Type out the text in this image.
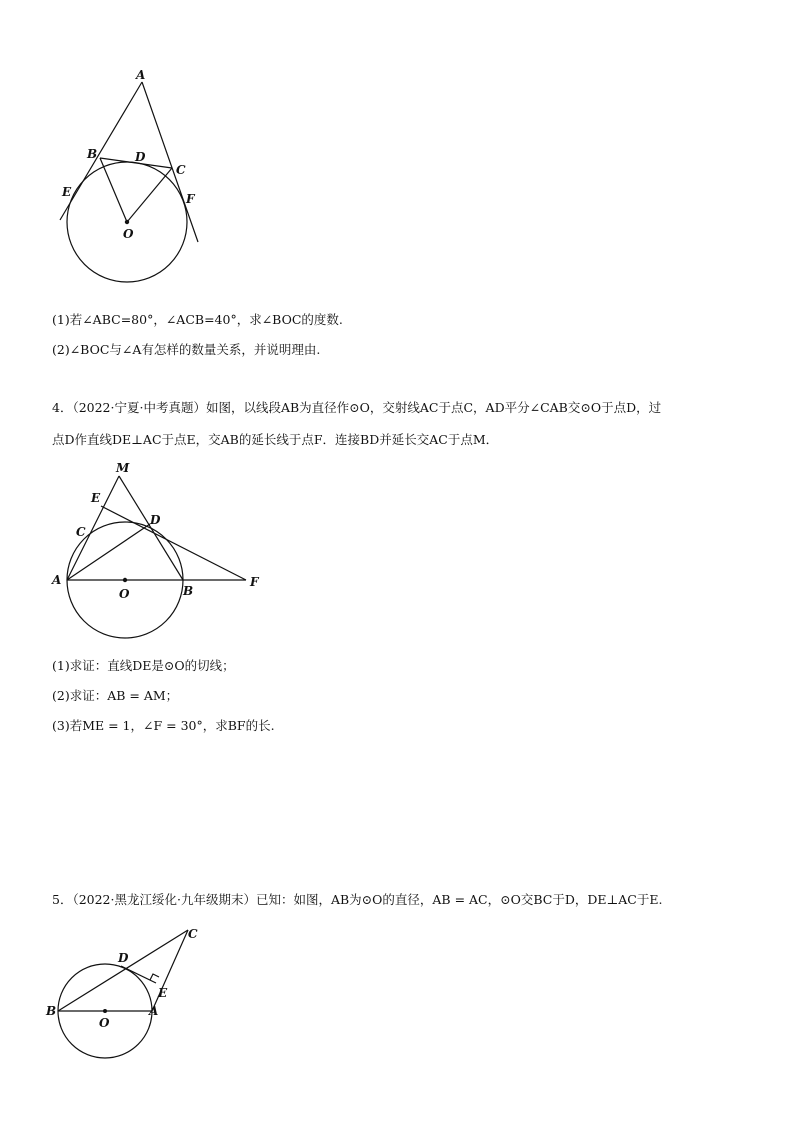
A
B	D
C
E	F
O
(1)若∠ABC=80°，∠ACB=40°，求∠BOC的度数.
(2)∠BOC与∠A有怎样的数量关系，并说明理由.
4．（2022·宁夏·中考真题）如图，以线段AB为直径作⊙O，交射线AC于点C，AD平分∠CAB交⊙O于点D，过
点D作直线DE⊥AC于点E，交AB的延长线于点F．连接BD并延长交AC于点M．
M
E
C
D
A
O	B
F
(1)求证：直线DE是⊙O的切线；
(2)求证：AB = AM；
(3)若ME = 1，∠F = 30°，求BF的长.
5．（2022·黑龙江绥化·九年级期末）已知：如图，AB为⊙O的直径，AB = AC，⊙O交BC于D，DE⊥AC于E.
C
D
E
B
O
A
